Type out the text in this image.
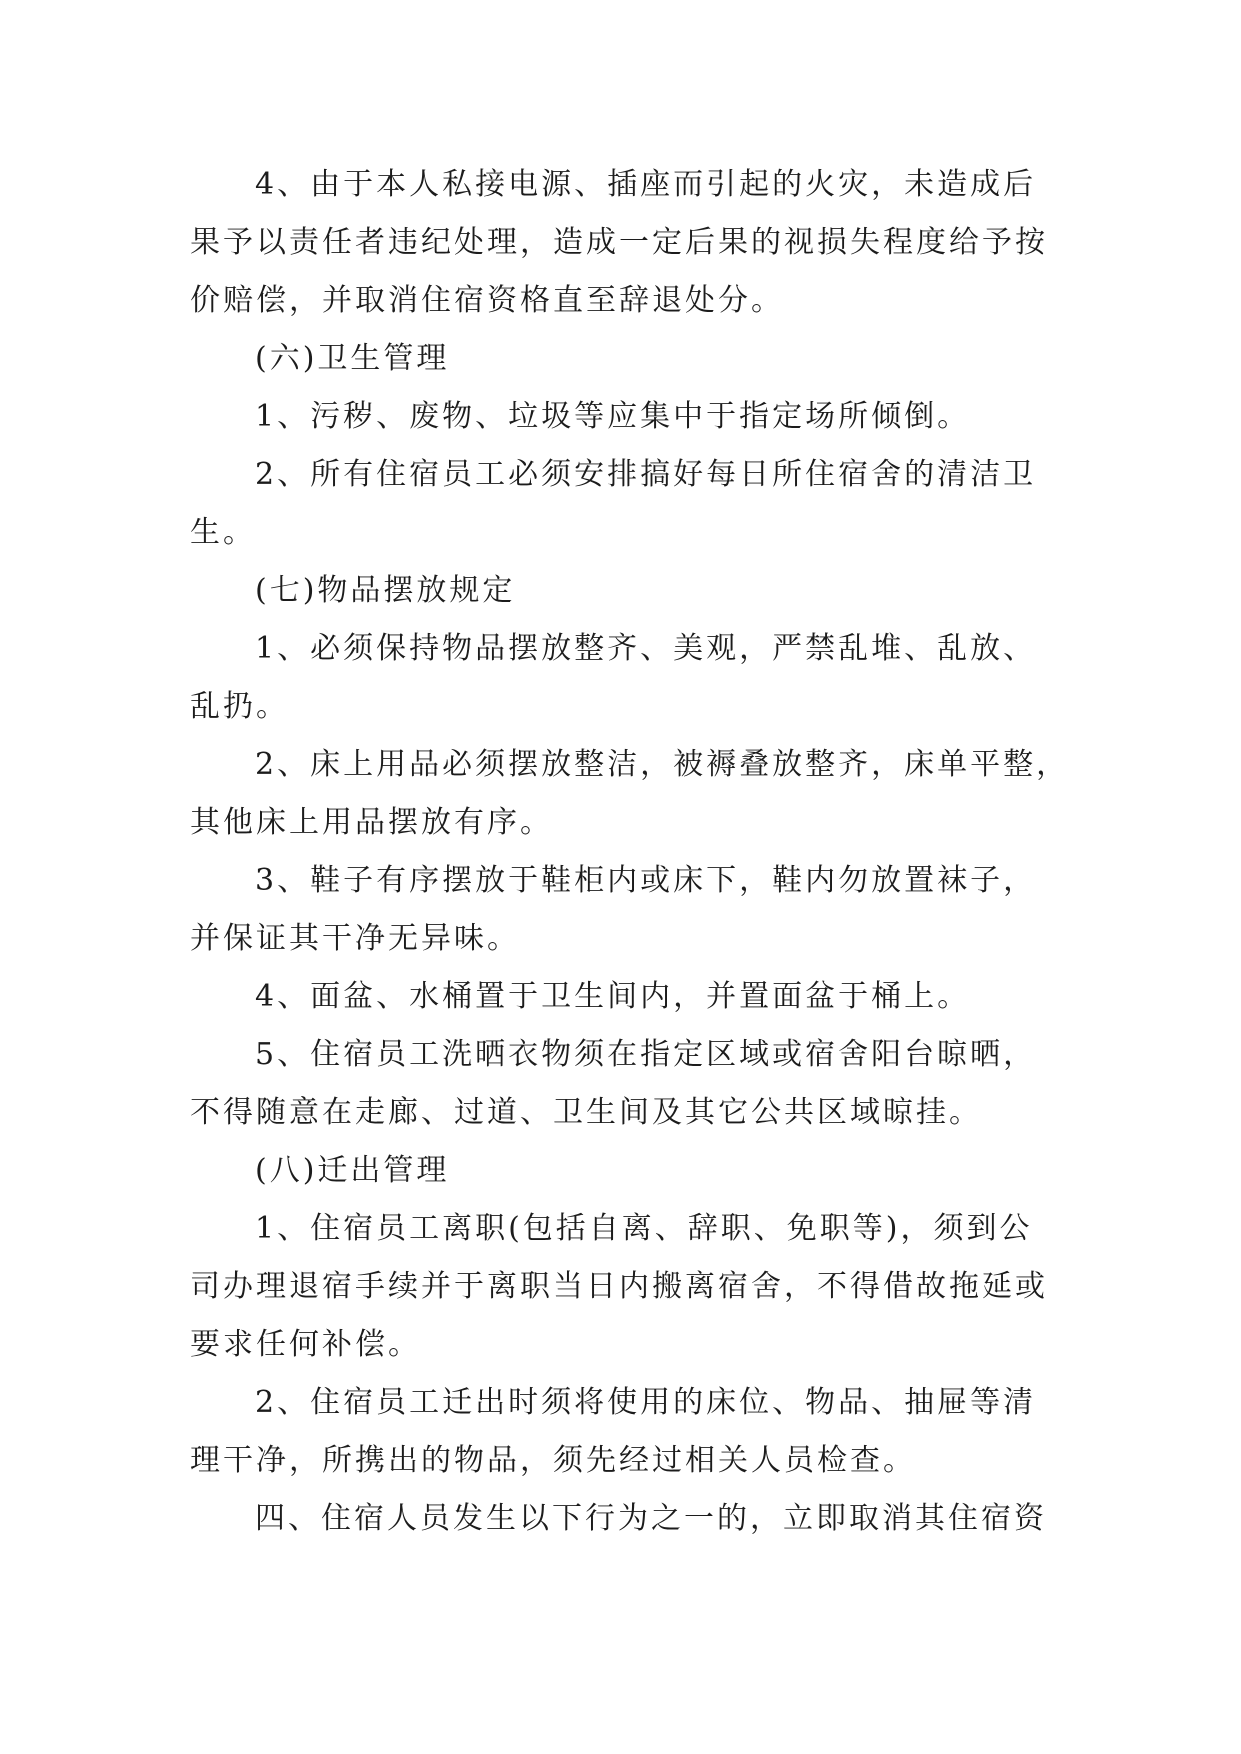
4、由于本人私接电源、插座而引起的火灾，未造成后
果予以责任者违纪处理，造成一定后果的视损失程度给予按
价赔偿，并取消住宿资格直至辞退处分。
(六)卫生管理
1、污秽、废物、垃圾等应集中于指定场所倾倒。
2、所有住宿员工必须安排搞好每日所住宿舍的清洁卫
生。
(七)物品摆放规定
1、必须保持物品摆放整齐、美观，严禁乱堆、乱放、
乱扔。
2、床上用品必须摆放整洁，被褥叠放整齐，床单平整，
其他床上用品摆放有序。
3、鞋子有序摆放于鞋柜内或床下，鞋内勿放置袜子，
并保证其干净无异味。
4、面盆、水桶置于卫生间内，并置面盆于桶上。
5、住宿员工洗晒衣物须在指定区域或宿舍阳台晾晒，
不得随意在走廊、过道、卫生间及其它公共区域晾挂。
(八)迁出管理
1、住宿员工离职(包括自离、辞职、免职等)，须到公
司办理退宿手续并于离职当日内搬离宿舍，不得借故拖延或
要求任何补偿。
2、住宿员工迁出时须将使用的床位、物品、抽屉等清
理干净，所携出的物品，须先经过相关人员检查。
四、住宿人员发生以下行为之一的，立即取消其住宿资
